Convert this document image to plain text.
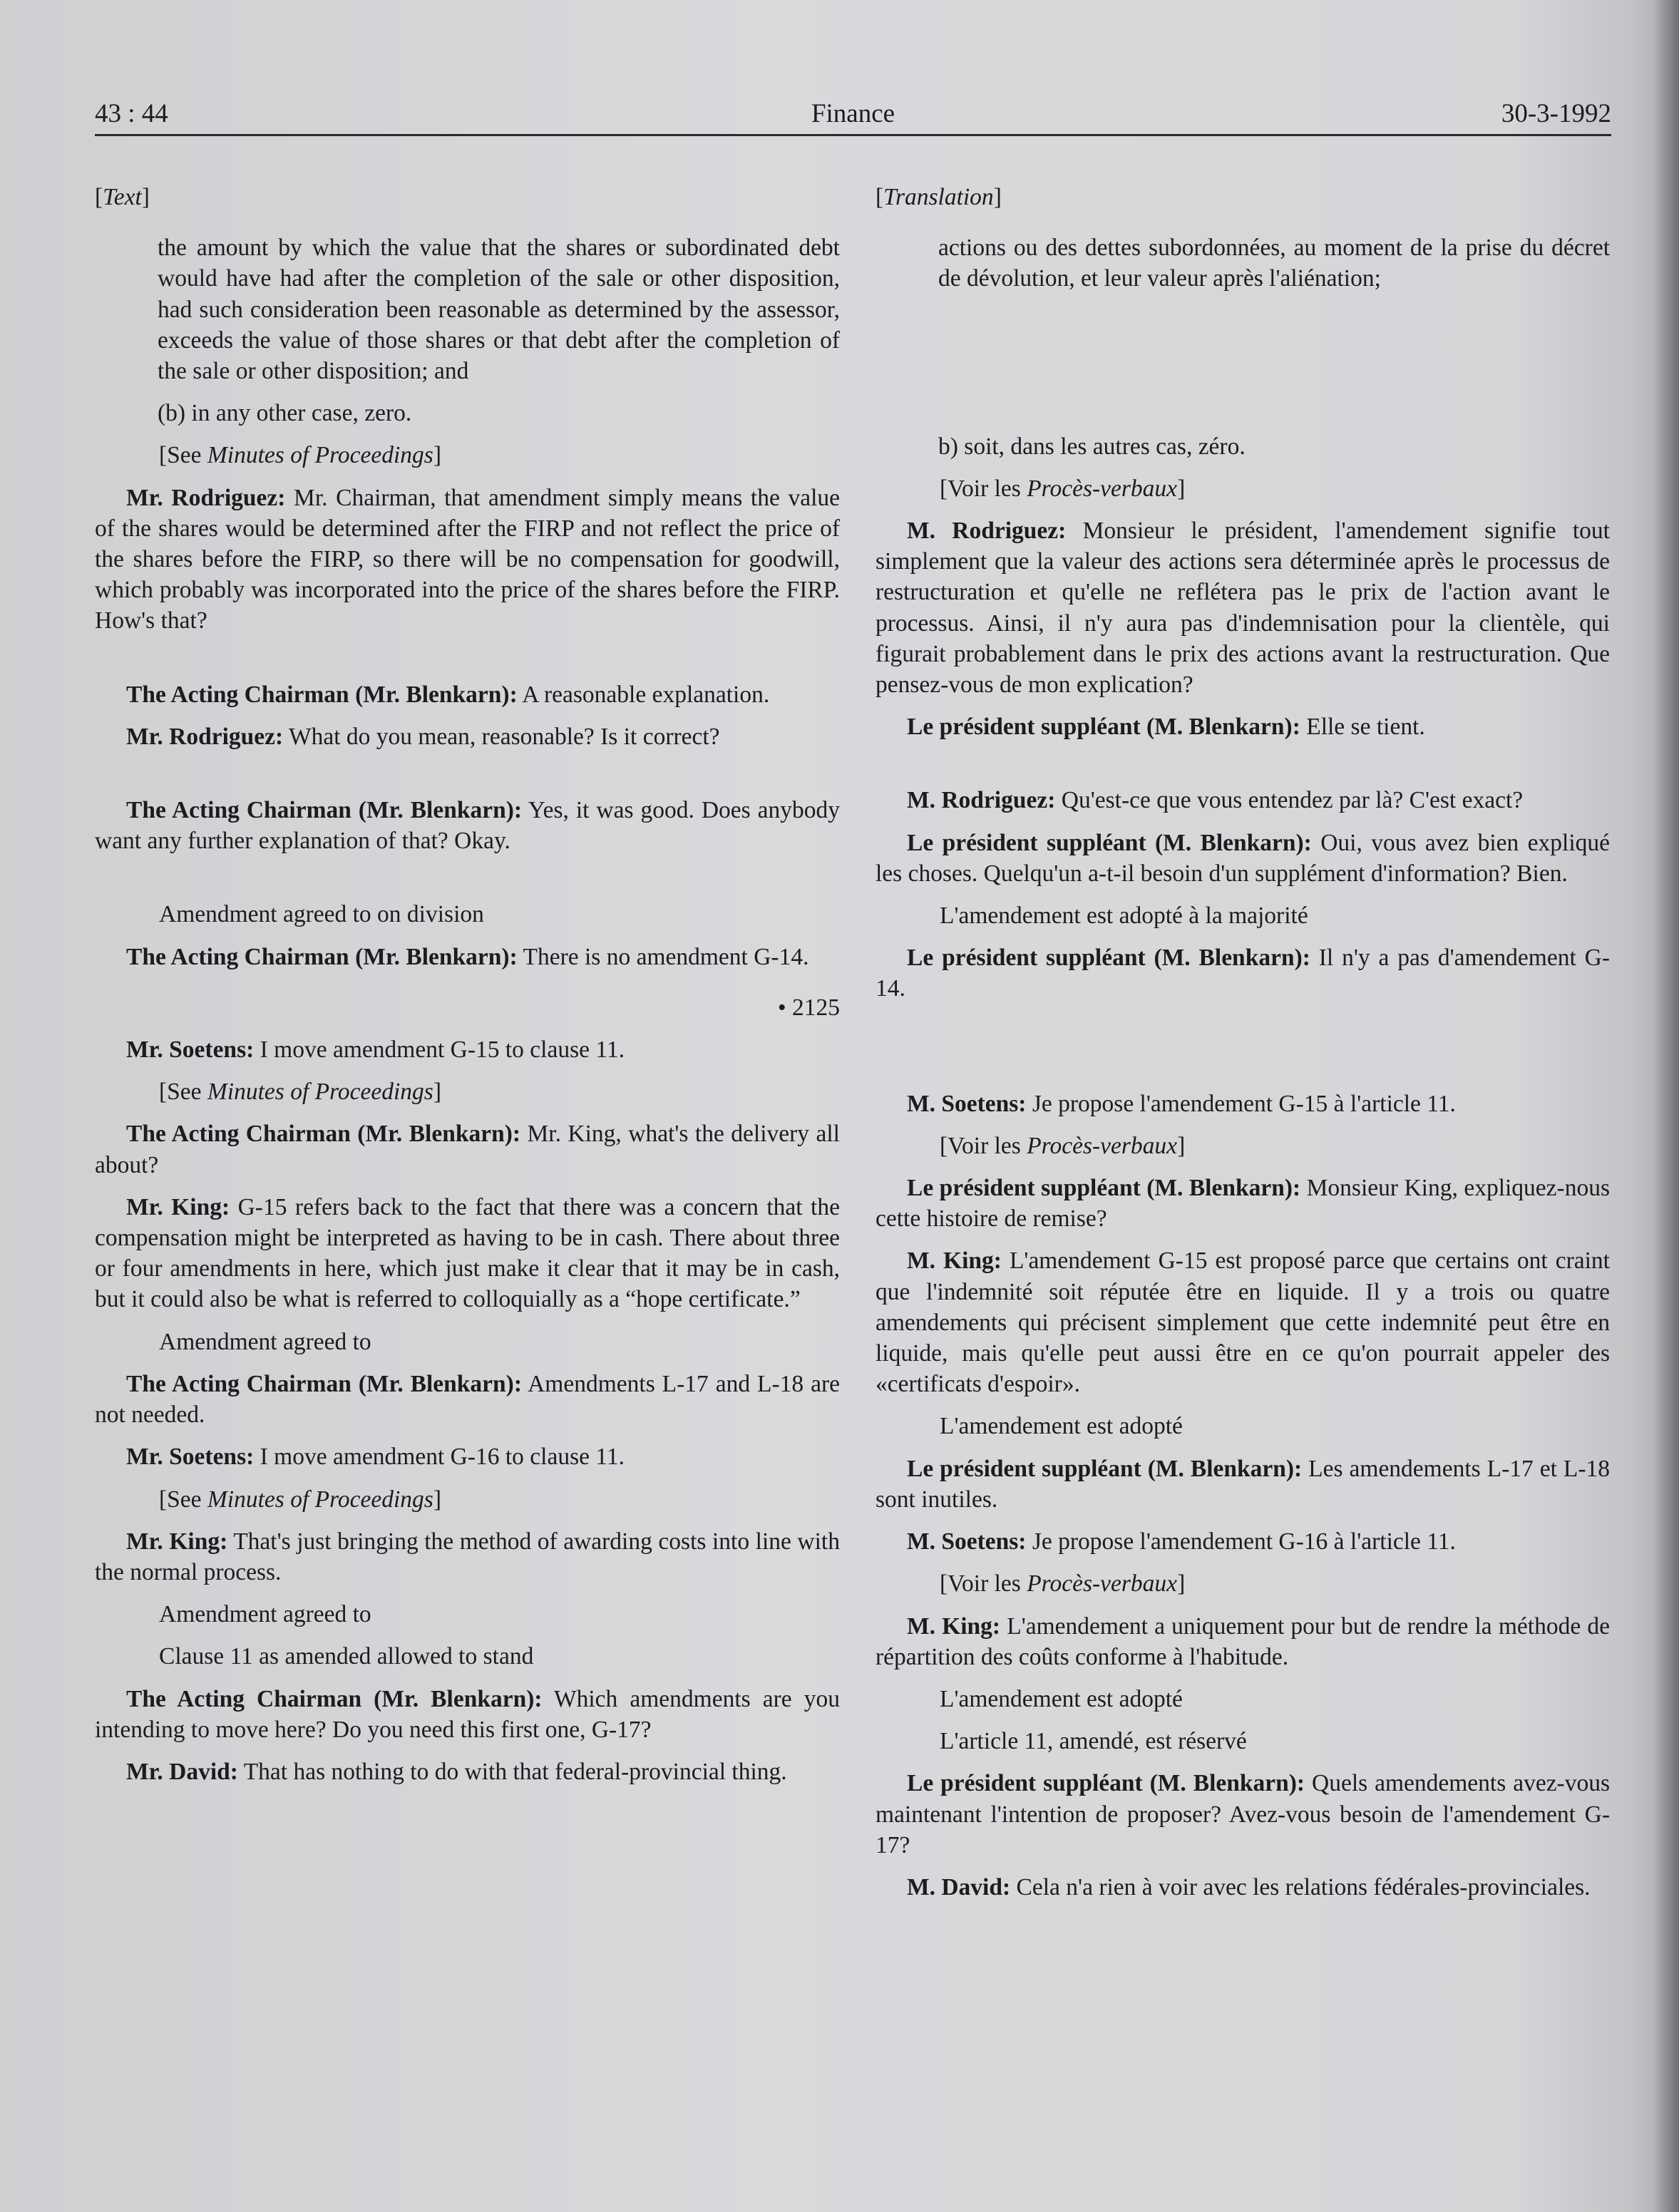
43 : 44	Finance	30-3-1992

[Text]

the amount by which the value that the shares or subordinated debt would have had after the completion of the sale or other disposition, had such consideration been reasonable as determined by the assessor, exceeds the value of those shares or that debt after the completion of the sale or other disposition; and

(b) in any other case, zero.

[See Minutes of Proceedings]

Mr. Rodriguez: Mr. Chairman, that amendment simply means the value of the shares would be determined after the FIRP and not reflect the price of the shares before the FIRP, so there will be no compensation for goodwill, which probably was incorporated into the price of the shares before the FIRP. How's that?

The Acting Chairman (Mr. Blenkarn): A reasonable explanation.

Mr. Rodriguez: What do you mean, reasonable? Is it correct?

The Acting Chairman (Mr. Blenkarn): Yes, it was good. Does anybody want any further explanation of that? Okay.

Amendment agreed to on division

The Acting Chairman (Mr. Blenkarn): There is no amendment G-14.

• 2125

Mr. Soetens: I move amendment G-15 to clause 11.

[See Minutes of Proceedings]

The Acting Chairman (Mr. Blenkarn): Mr. King, what's the delivery all about?

Mr. King: G-15 refers back to the fact that there was a concern that the compensation might be interpreted as having to be in cash. There about three or four amendments in here, which just make it clear that it may be in cash, but it could also be what is referred to colloquially as a “hope certificate.”

Amendment agreed to

The Acting Chairman (Mr. Blenkarn): Amendments L-17 and L-18 are not needed.

Mr. Soetens: I move amendment G-16 to clause 11.

[See Minutes of Proceedings]

Mr. King: That's just bringing the method of awarding costs into line with the normal process.

Amendment agreed to

Clause 11 as amended allowed to stand

The Acting Chairman (Mr. Blenkarn): Which amendments are you intending to move here? Do you need this first one, G-17?

Mr. David: That has nothing to do with that federal-provincial thing.

[Translation]

actions ou des dettes subordonnées, au moment de la prise du décret de dévolution, et leur valeur après l'aliénation;

b) soit, dans les autres cas, zéro.

[Voir les Procès-verbaux]

M. Rodriguez: Monsieur le président, l'amendement signifie tout simplement que la valeur des actions sera déterminée après le processus de restructuration et qu'elle ne reflétera pas le prix de l'action avant le processus. Ainsi, il n'y aura pas d'indemnisation pour la clientèle, qui figurait probablement dans le prix des actions avant la restructuration. Que pensez-vous de mon explication?

Le président suppléant (M. Blenkarn): Elle se tient.

M. Rodriguez: Qu'est-ce que vous entendez par là? C'est exact?

Le président suppléant (M. Blenkarn): Oui, vous avez bien expliqué les choses. Quelqu'un a-t-il besoin d'un supplément d'information? Bien.

L'amendement est adopté à la majorité

Le président suppléant (M. Blenkarn): Il n'y a pas d'amendement G-14.

M. Soetens: Je propose l'amendement G-15 à l'article 11.

[Voir les Procès-verbaux]

Le président suppléant (M. Blenkarn): Monsieur King, expliquez-nous cette histoire de remise?

M. King: L'amendement G-15 est proposé parce que certains ont craint que l'indemnité soit réputée être en liquide. Il y a trois ou quatre amendements qui précisent simplement que cette indemnité peut être en liquide, mais qu'elle peut aussi être en ce qu'on pourrait appeler des «certificats d'espoir».

L'amendement est adopté

Le président suppléant (M. Blenkarn): Les amendements L-17 et L-18 sont inutiles.

M. Soetens: Je propose l'amendement G-16 à l'article 11.

[Voir les Procès-verbaux]

M. King: L'amendement a uniquement pour but de rendre la méthode de répartition des coûts conforme à l'habitude.

L'amendement est adopté

L'article 11, amendé, est réservé

Le président suppléant (M. Blenkarn): Quels amendements avez-vous maintenant l'intention de proposer? Avez-vous besoin de l'amendement G-17?

M. David: Cela n'a rien à voir avec les relations fédérales-provinciales.
